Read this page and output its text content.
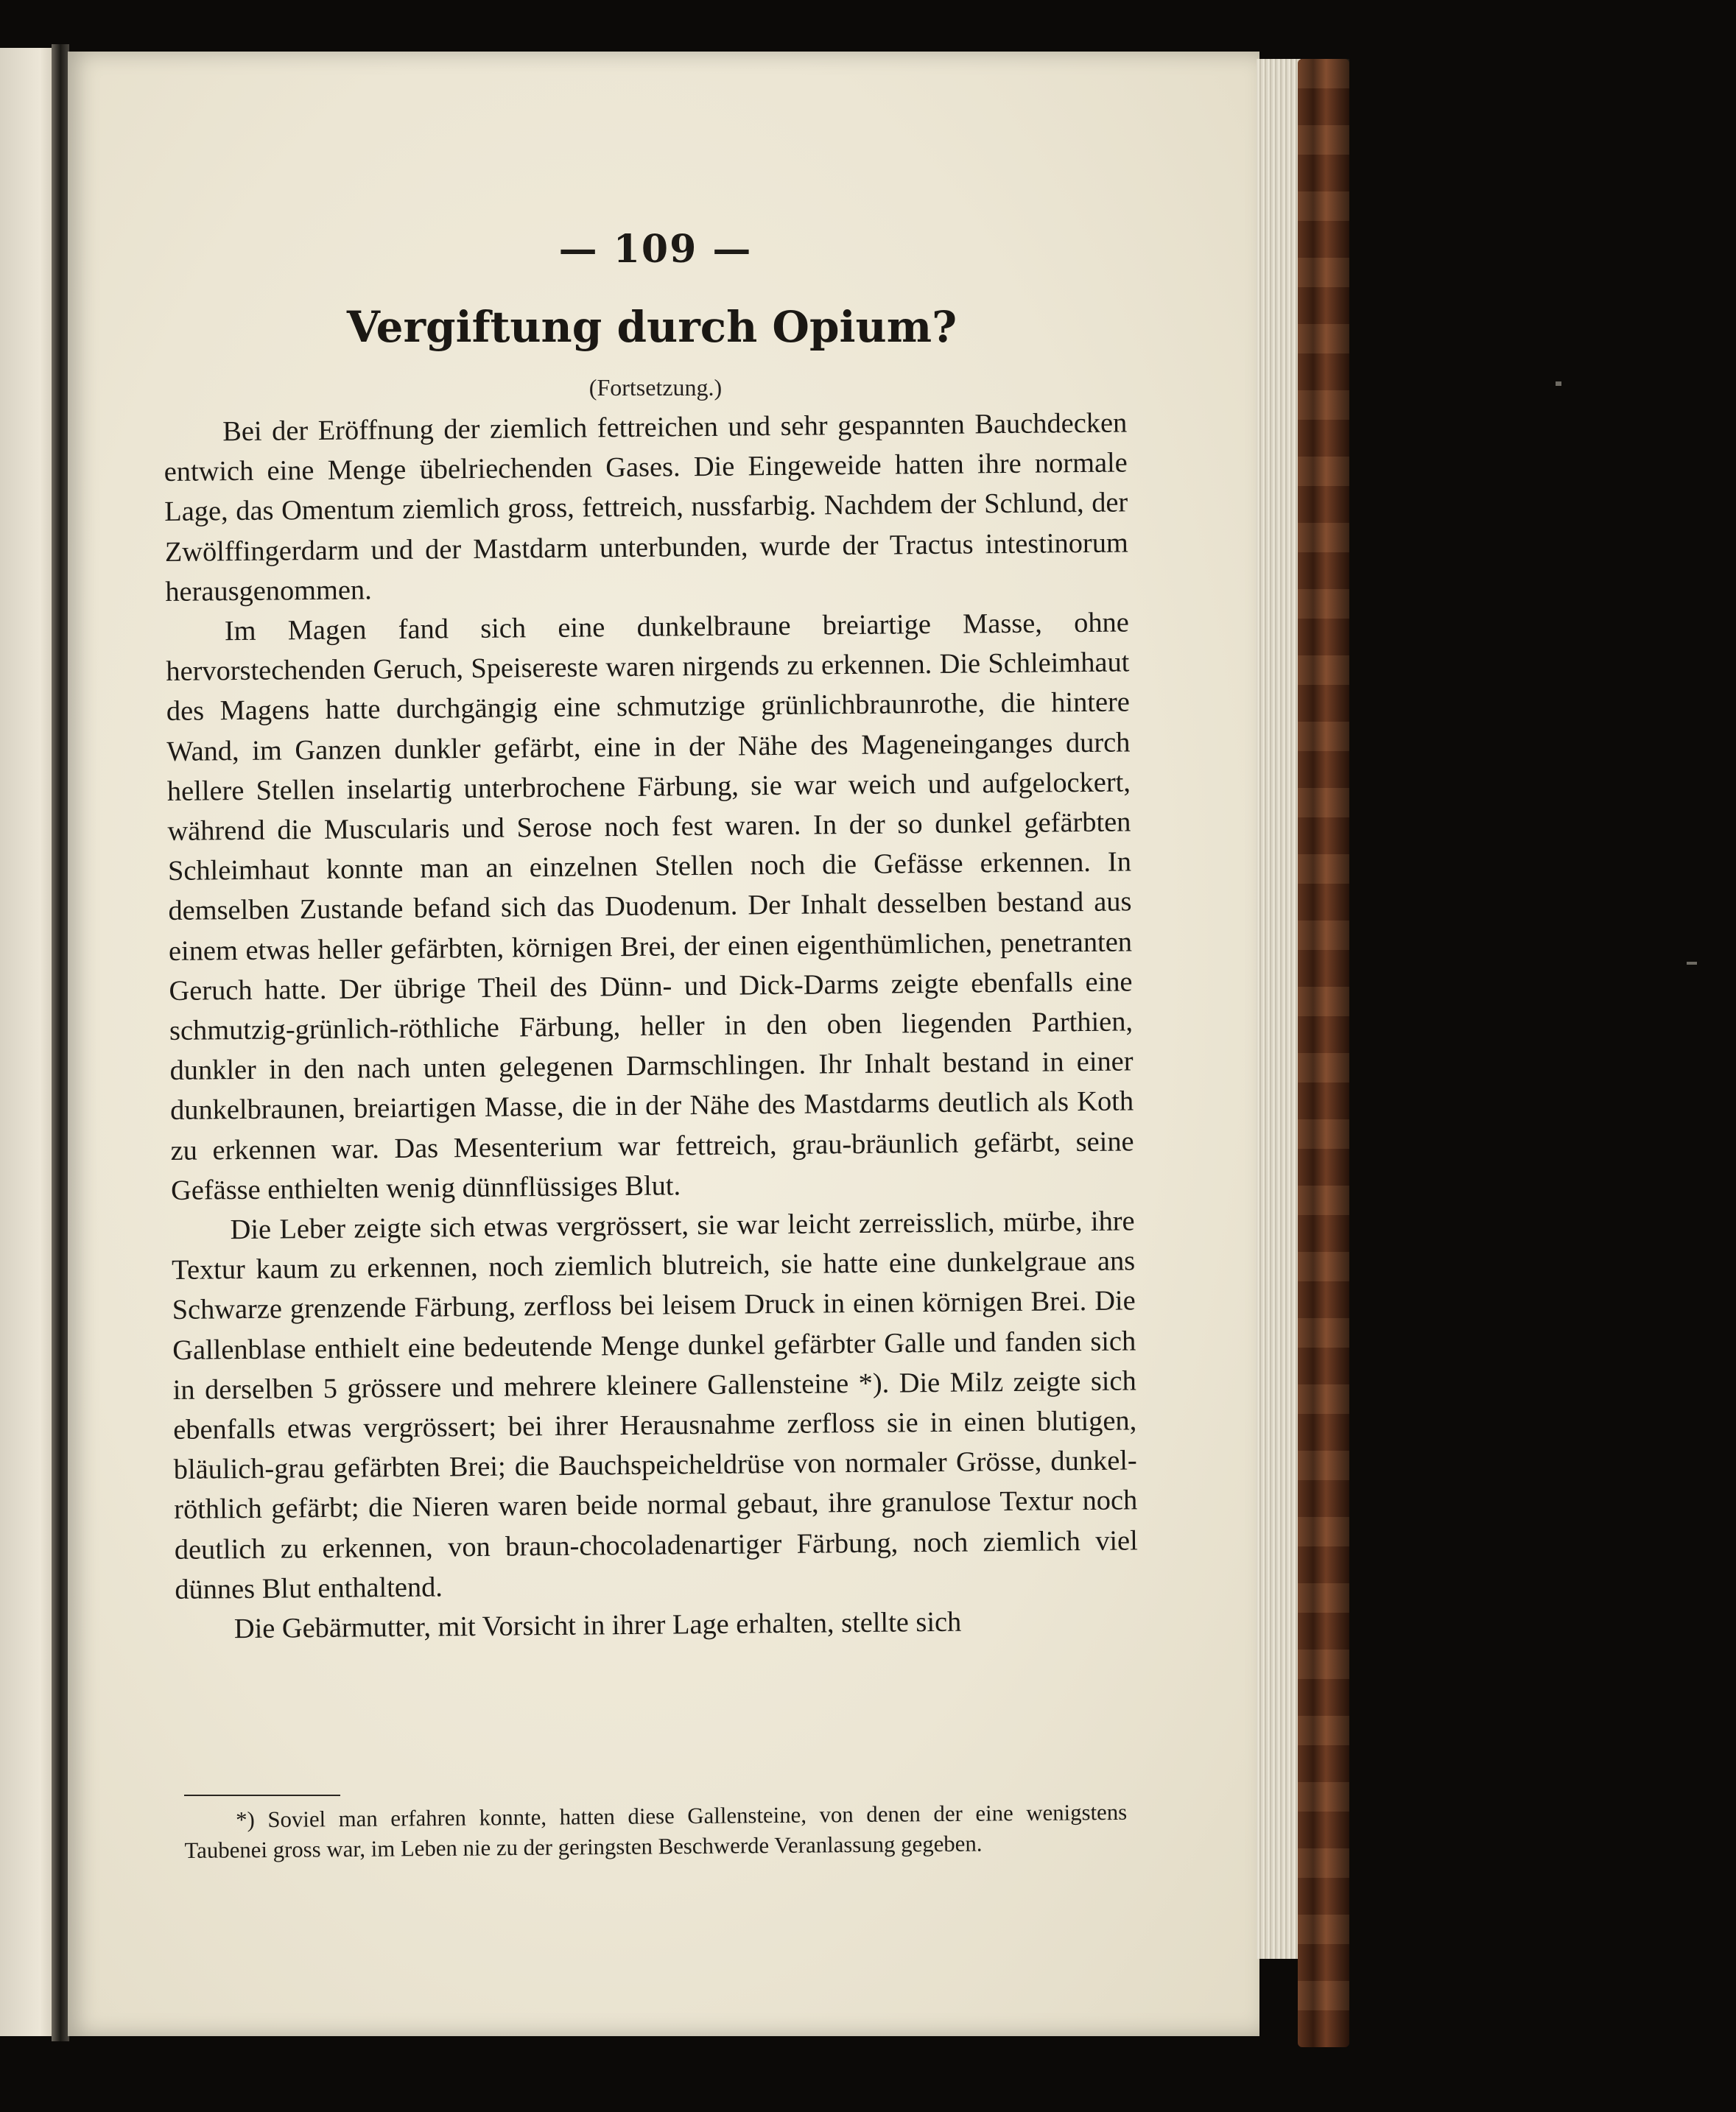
— 109 —
Vergiftung durch Opium?
(Fortsetzung.)

Bei der Eröffnung der ziemlich fettreichen und sehr gespannten Bauchdecken entwich eine Menge übelriechenden Gases. Die Eingeweide hatten ihre normale Lage, das Omentum ziemlich gross, fettreich, nussfarbig. Nachdem der Schlund, der Zwölffingerdarm und der Mastdarm unterbunden, wurde der Tractus intestinorum herausgenommen.

Im Magen fand sich eine dunkelbraune breiartige Masse, ohne hervorstechenden Geruch, Speisereste waren nirgends zu erkennen. Die Schleimhaut des Magens hatte durchgängig eine schmutzige grünlichbraunrothe, die hintere Wand, im Ganzen dunkler gefärbt, eine in der Nähe des Mageneinganges durch hellere Stellen inselartig unterbrochene Färbung, sie war weich und aufgelockert, während die Muscularis und Serose noch fest waren. In der so dunkel gefärbten Schleimhaut konnte man an einzelnen Stellen noch die Gefässe erkennen. In demselben Zustande befand sich das Duodenum. Der Inhalt desselben bestand aus einem etwas heller gefärbten, körnigen Brei, der einen eigenthümlichen, penetranten Geruch hatte. Der übrige Theil des Dünn- und Dick-Darms zeigte ebenfalls eine schmutzig-grünlich-röthliche Färbung, heller in den oben liegenden Parthien, dunkler in den nach unten gelegenen Darmschlingen. Ihr Inhalt bestand in einer dunkelbraunen, breiartigen Masse, die in der Nähe des Mastdarms deutlich als Koth zu erkennen war. Das Mesenterium war fettreich, grau-bräunlich gefärbt, seine Gefässe enthielten wenig dünnflüssiges Blut.

Die Leber zeigte sich etwas vergrössert, sie war leicht zerreisslich, mürbe, ihre Textur kaum zu erkennen, noch ziemlich blutreich, sie hatte eine dunkelgraue ans Schwarze grenzende Färbung, zerfloss bei leisem Druck in einen körnigen Brei. Die Gallenblase enthielt eine bedeutende Menge dunkel gefärbter Galle und fanden sich in derselben 5 grössere und mehrere kleinere Gallensteine *). Die Milz zeigte sich ebenfalls etwas vergrössert; bei ihrer Herausnahme zerfloss sie in einen blutigen, bläulich-grau gefärbten Brei; die Bauchspeicheldrüse von normaler Grösse, dunkel-röthlich gefärbt; die Nieren waren beide normal gebaut, ihre granulose Textur noch deutlich zu erkennen, von braun-chocoladenartiger Färbung, noch ziemlich viel dünnes Blut enthaltend.

Die Gebärmutter, mit Vorsicht in ihrer Lage erhalten, stellte sich

*) Soviel man erfahren konnte, hatten diese Gallensteine, von denen der eine wenigstens Taubenei gross war, im Leben nie zu der geringsten Beschwerde Veranlassung gegeben.
